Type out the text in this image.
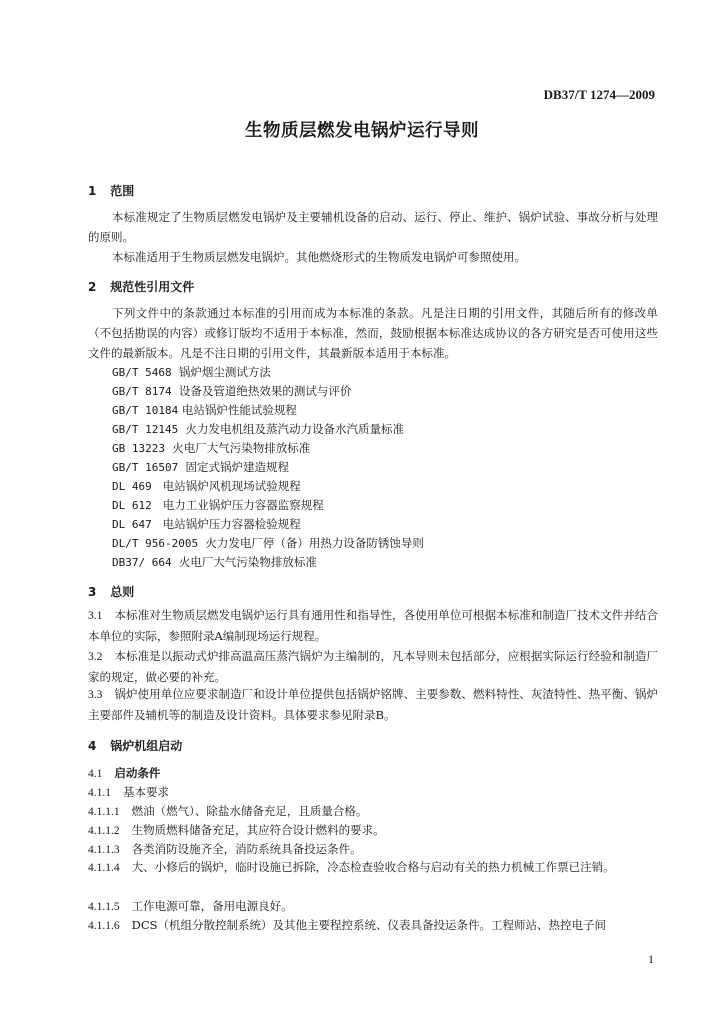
DB37/T 1274—2009
生物质层燃发电锅炉运行导则
1 范围
本标准规定了生物质层燃发电锅炉及主要辅机设备的启动、运行、停止、维护、锅炉试验、事故分析与处理的原则。
本标准适用于生物质层燃发电锅炉。其他燃烧形式的生物质发电锅炉可参照使用。
2 规范性引用文件
下列文件中的条款通过本标准的引用而成为本标准的条款。凡是注日期的引用文件，其随后所有的修改单（不包括勘误的内容）或修订版均不适用于本标准，然而，鼓励根据本标准达成协议的各方研究是否可使用这些文件的最新版本。凡是不注日期的引用文件，其最新版本适用于本标准。
GB/T 5468 锅炉烟尘测试方法
GB/T 8174 设备及管道绝热效果的测试与评价
GB/T 10184 电站锅炉性能试验规程
GB/T 12145 火力发电机组及蒸汽动力设备水汽质量标准
GB 13223 火电厂大气污染物排放标准
GB/T 16507 固定式锅炉建造规程
DL 469 电站锅炉风机现场试验规程
DL 612 电力工业锅炉压力容器监察规程
DL 647 电站锅炉压力容器检验规程
DL/T 956-2005 火力发电厂停（备）用热力设备防锈蚀导则
DB37/ 664 火电厂大气污染物排放标准
3 总则
3.1 本标准对生物质层燃发电锅炉运行具有通用性和指导性，各使用单位可根据本标准和制造厂技术文件并结合本单位的实际，参照附录A编制现场运行规程。
3.2 本标准是以振动式炉排高温高压蒸汽锅炉为主编制的，凡本导则未包括部分，应根据实际运行经验和制造厂家的规定，做必要的补充。
3.3 锅炉使用单位应要求制造厂和设计单位提供包括锅炉铭牌、主要参数、燃料特性、灰渣特性、热平衡、锅炉主要部件及辅机等的制造及设计资料。具体要求参见附录B。
4 锅炉机组启动
4.1 启动条件
4.1.1 基本要求
4.1.1.1 燃油（燃气）、除盐水储备充足，且质量合格。
4.1.1.2 生物质燃料储备充足，其应符合设计燃料的要求。
4.1.1.3 各类消防设施齐全，消防系统具备投运条件。
4.1.1.4 大、小修后的锅炉，临时设施已拆除，冷态检查验收合格与启动有关的热力机械工作票已注销。
4.1.1.5 工作电源可靠，备用电源良好。
4.1.1.6 DCS（机组分散控制系统）及其他主要程控系统、仪表具备投运条件。工程师站、热控电子间
1
